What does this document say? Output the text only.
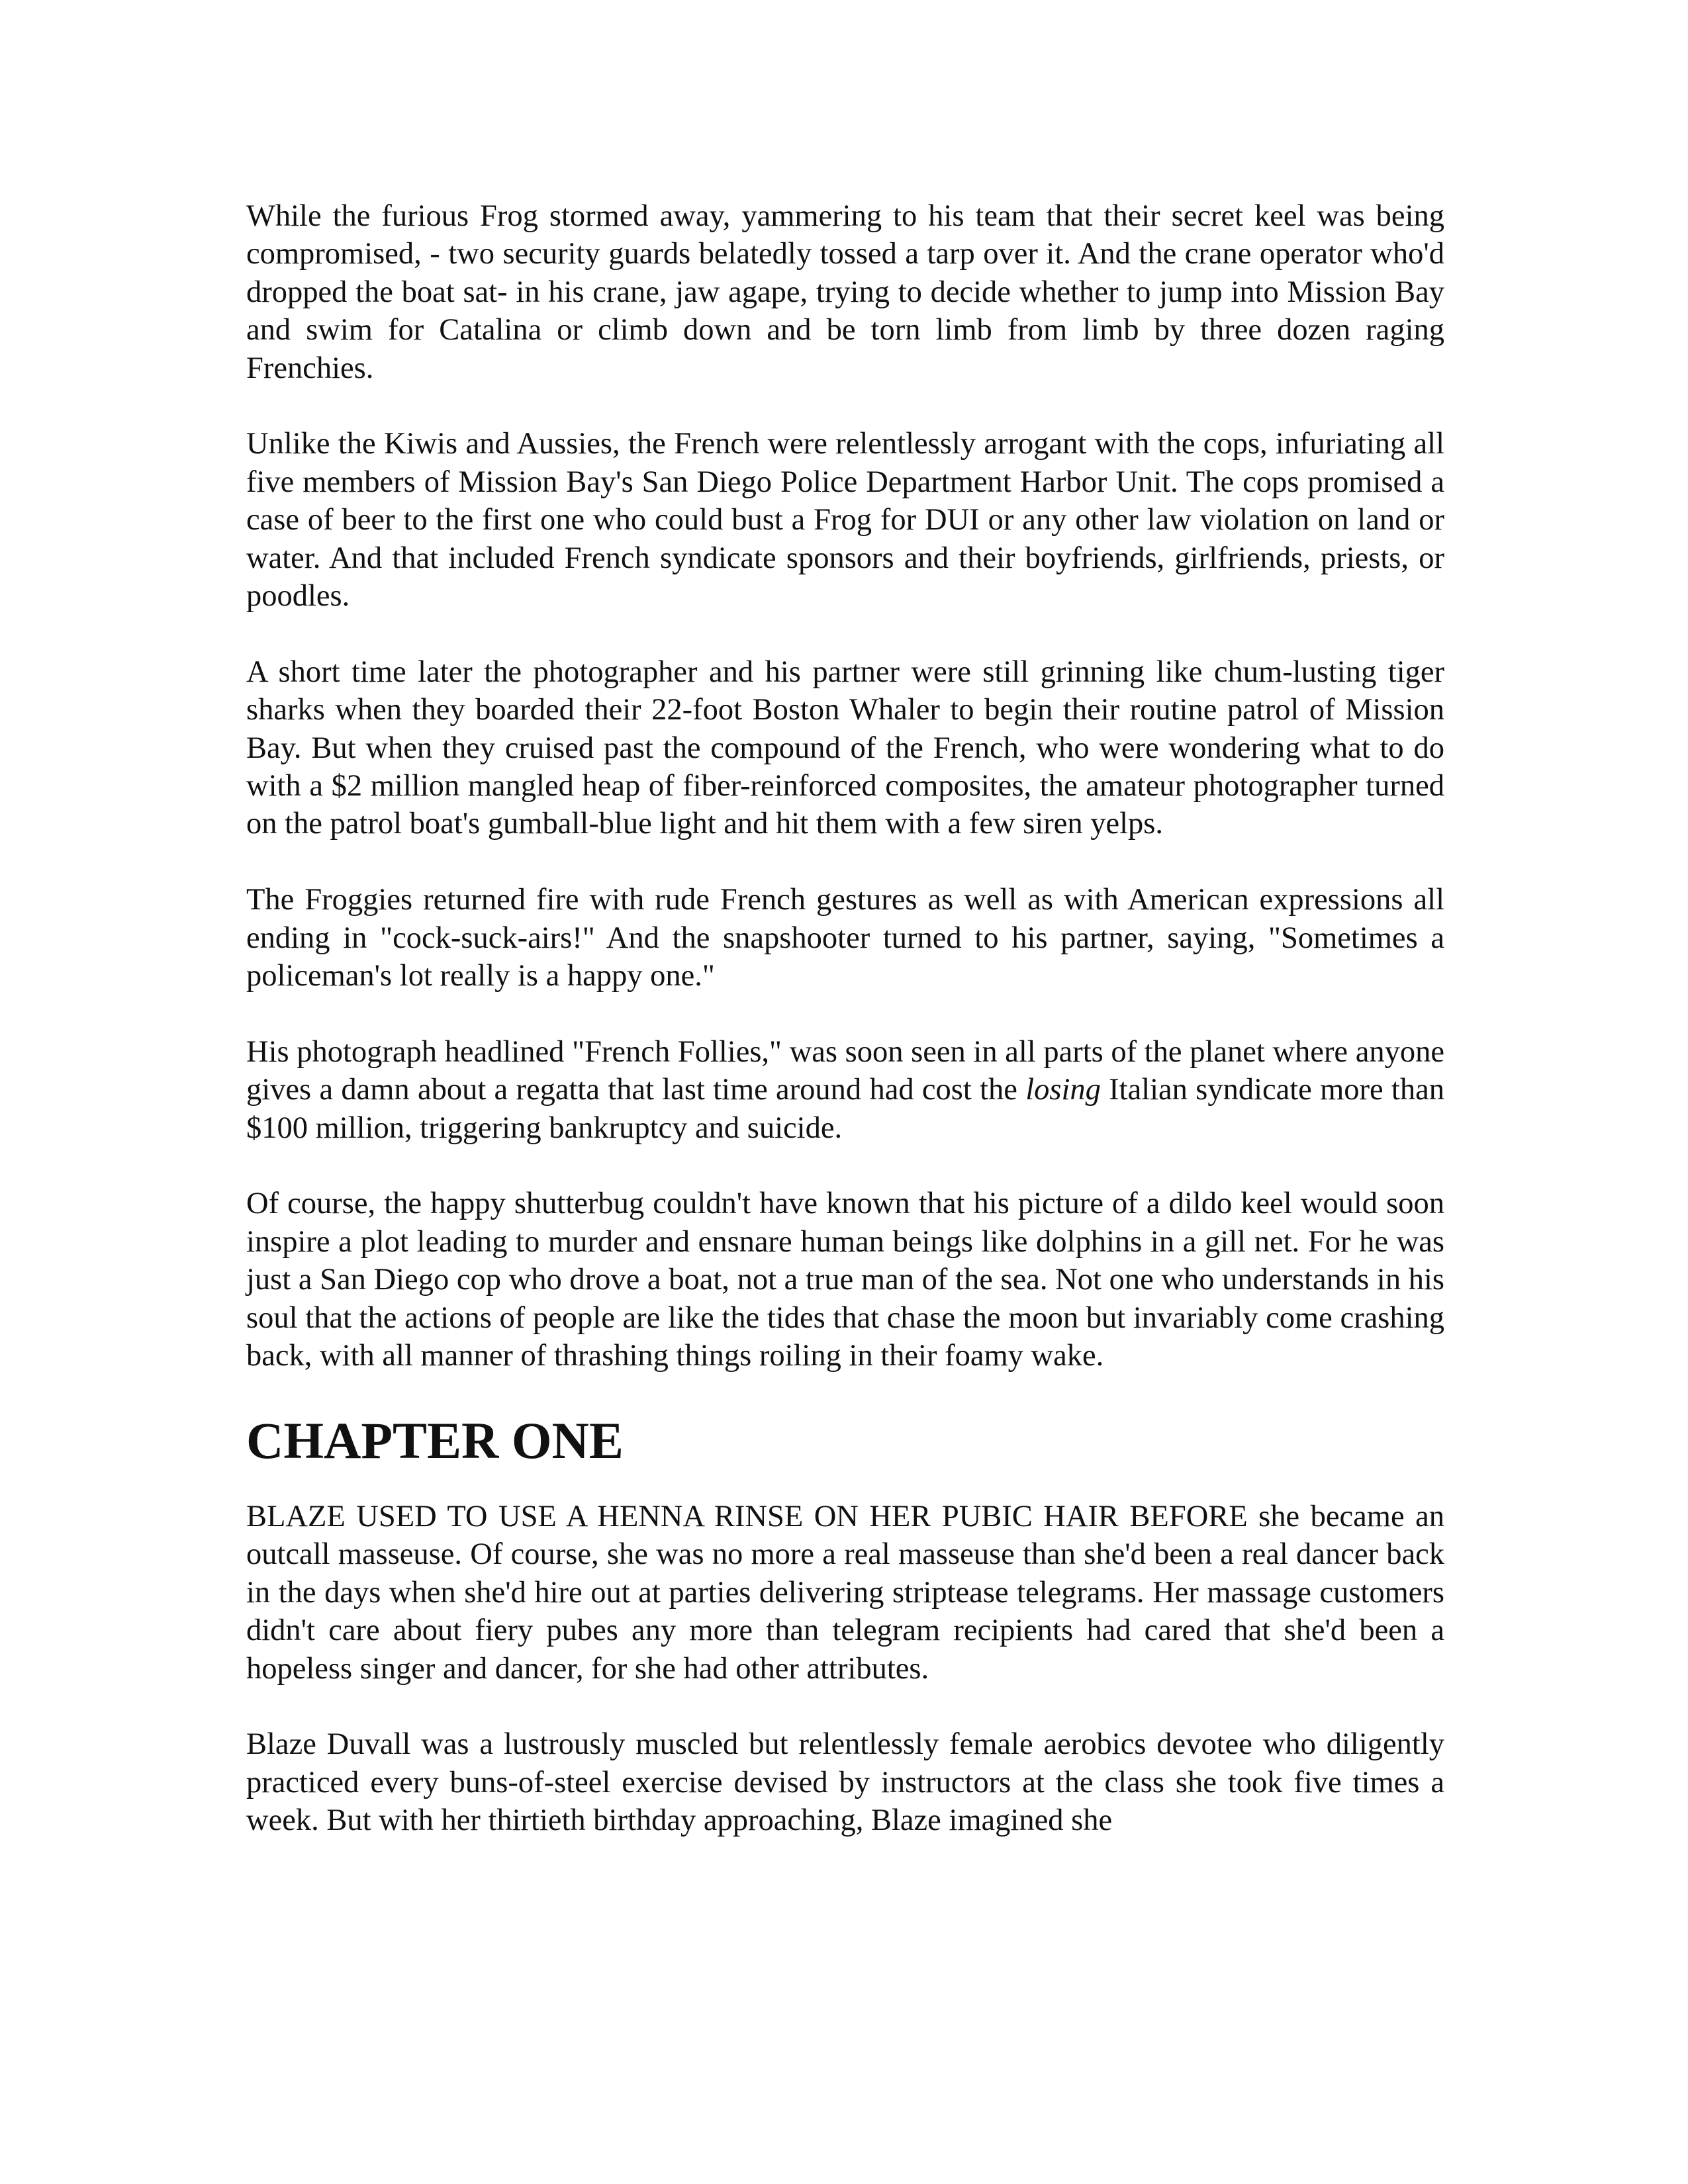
While the furious Frog stormed away, yammering to his team that their secret keel was being compromised, - two security guards belatedly tossed a tarp over it. And the crane operator who'd dropped the boat sat- in his crane, jaw agape, trying to decide whether to jump into Mission Bay and swim for Catalina or climb down and be torn limb from limb by three dozen raging Frenchies.

Unlike the Kiwis and Aussies, the French were relentlessly arrogant with the cops, infuriating all five members of Mission Bay's San Diego Police Department Harbor Unit. The cops promised a case of beer to the first one who could bust a Frog for DUI or any other law violation on land or water. And that included French syndicate sponsors and their boyfriends, girlfriends, priests, or poodles.

A short time later the photographer and his partner were still grinning like chum-lusting tiger sharks when they boarded their 22-foot Boston Whaler to begin their routine patrol of Mission Bay. But when they cruised past the compound of the French, who were wondering what to do with a $2 million mangled heap of fiber-reinforced composites, the amateur photographer turned on the patrol boat's gumball-blue light and hit them with a few siren yelps.

The Froggies returned fire with rude French gestures as well as with American expressions all ending in "cock-suck-airs!" And the snapshooter turned to his partner, saying, "Sometimes a policeman's lot really is a happy one."

His photograph headlined "French Follies," was soon seen in all parts of the planet where anyone gives a damn about a regatta that last time around had cost the losing Italian syndicate more than $100 million, triggering bankruptcy and suicide.

Of course, the happy shutterbug couldn't have known that his picture of a dildo keel would soon inspire a plot leading to murder and ensnare human beings like dolphins in a gill net. For he was just a San Diego cop who drove a boat, not a true man of the sea. Not one who understands in his soul that the actions of people are like the tides that chase the moon but invariably come crashing back, with all manner of thrashing things roiling in their foamy wake.

CHAPTER ONE

BLAZE USED TO USE A HENNA RINSE ON HER PUBIC HAIR BEFORE she became an outcall masseuse. Of course, she was no more a real masseuse than she'd been a real dancer back in the days when she'd hire out at parties delivering striptease telegrams. Her massage customers didn't care about fiery pubes any more than telegram recipients had cared that she'd been a hopeless singer and dancer, for she had other attributes.

Blaze Duvall was a lustrously muscled but relentlessly female aerobics devotee who diligently practiced every buns-of-steel exercise devised by instructors at the class she took five times a week. But with her thirtieth birthday approaching, Blaze imagined she
